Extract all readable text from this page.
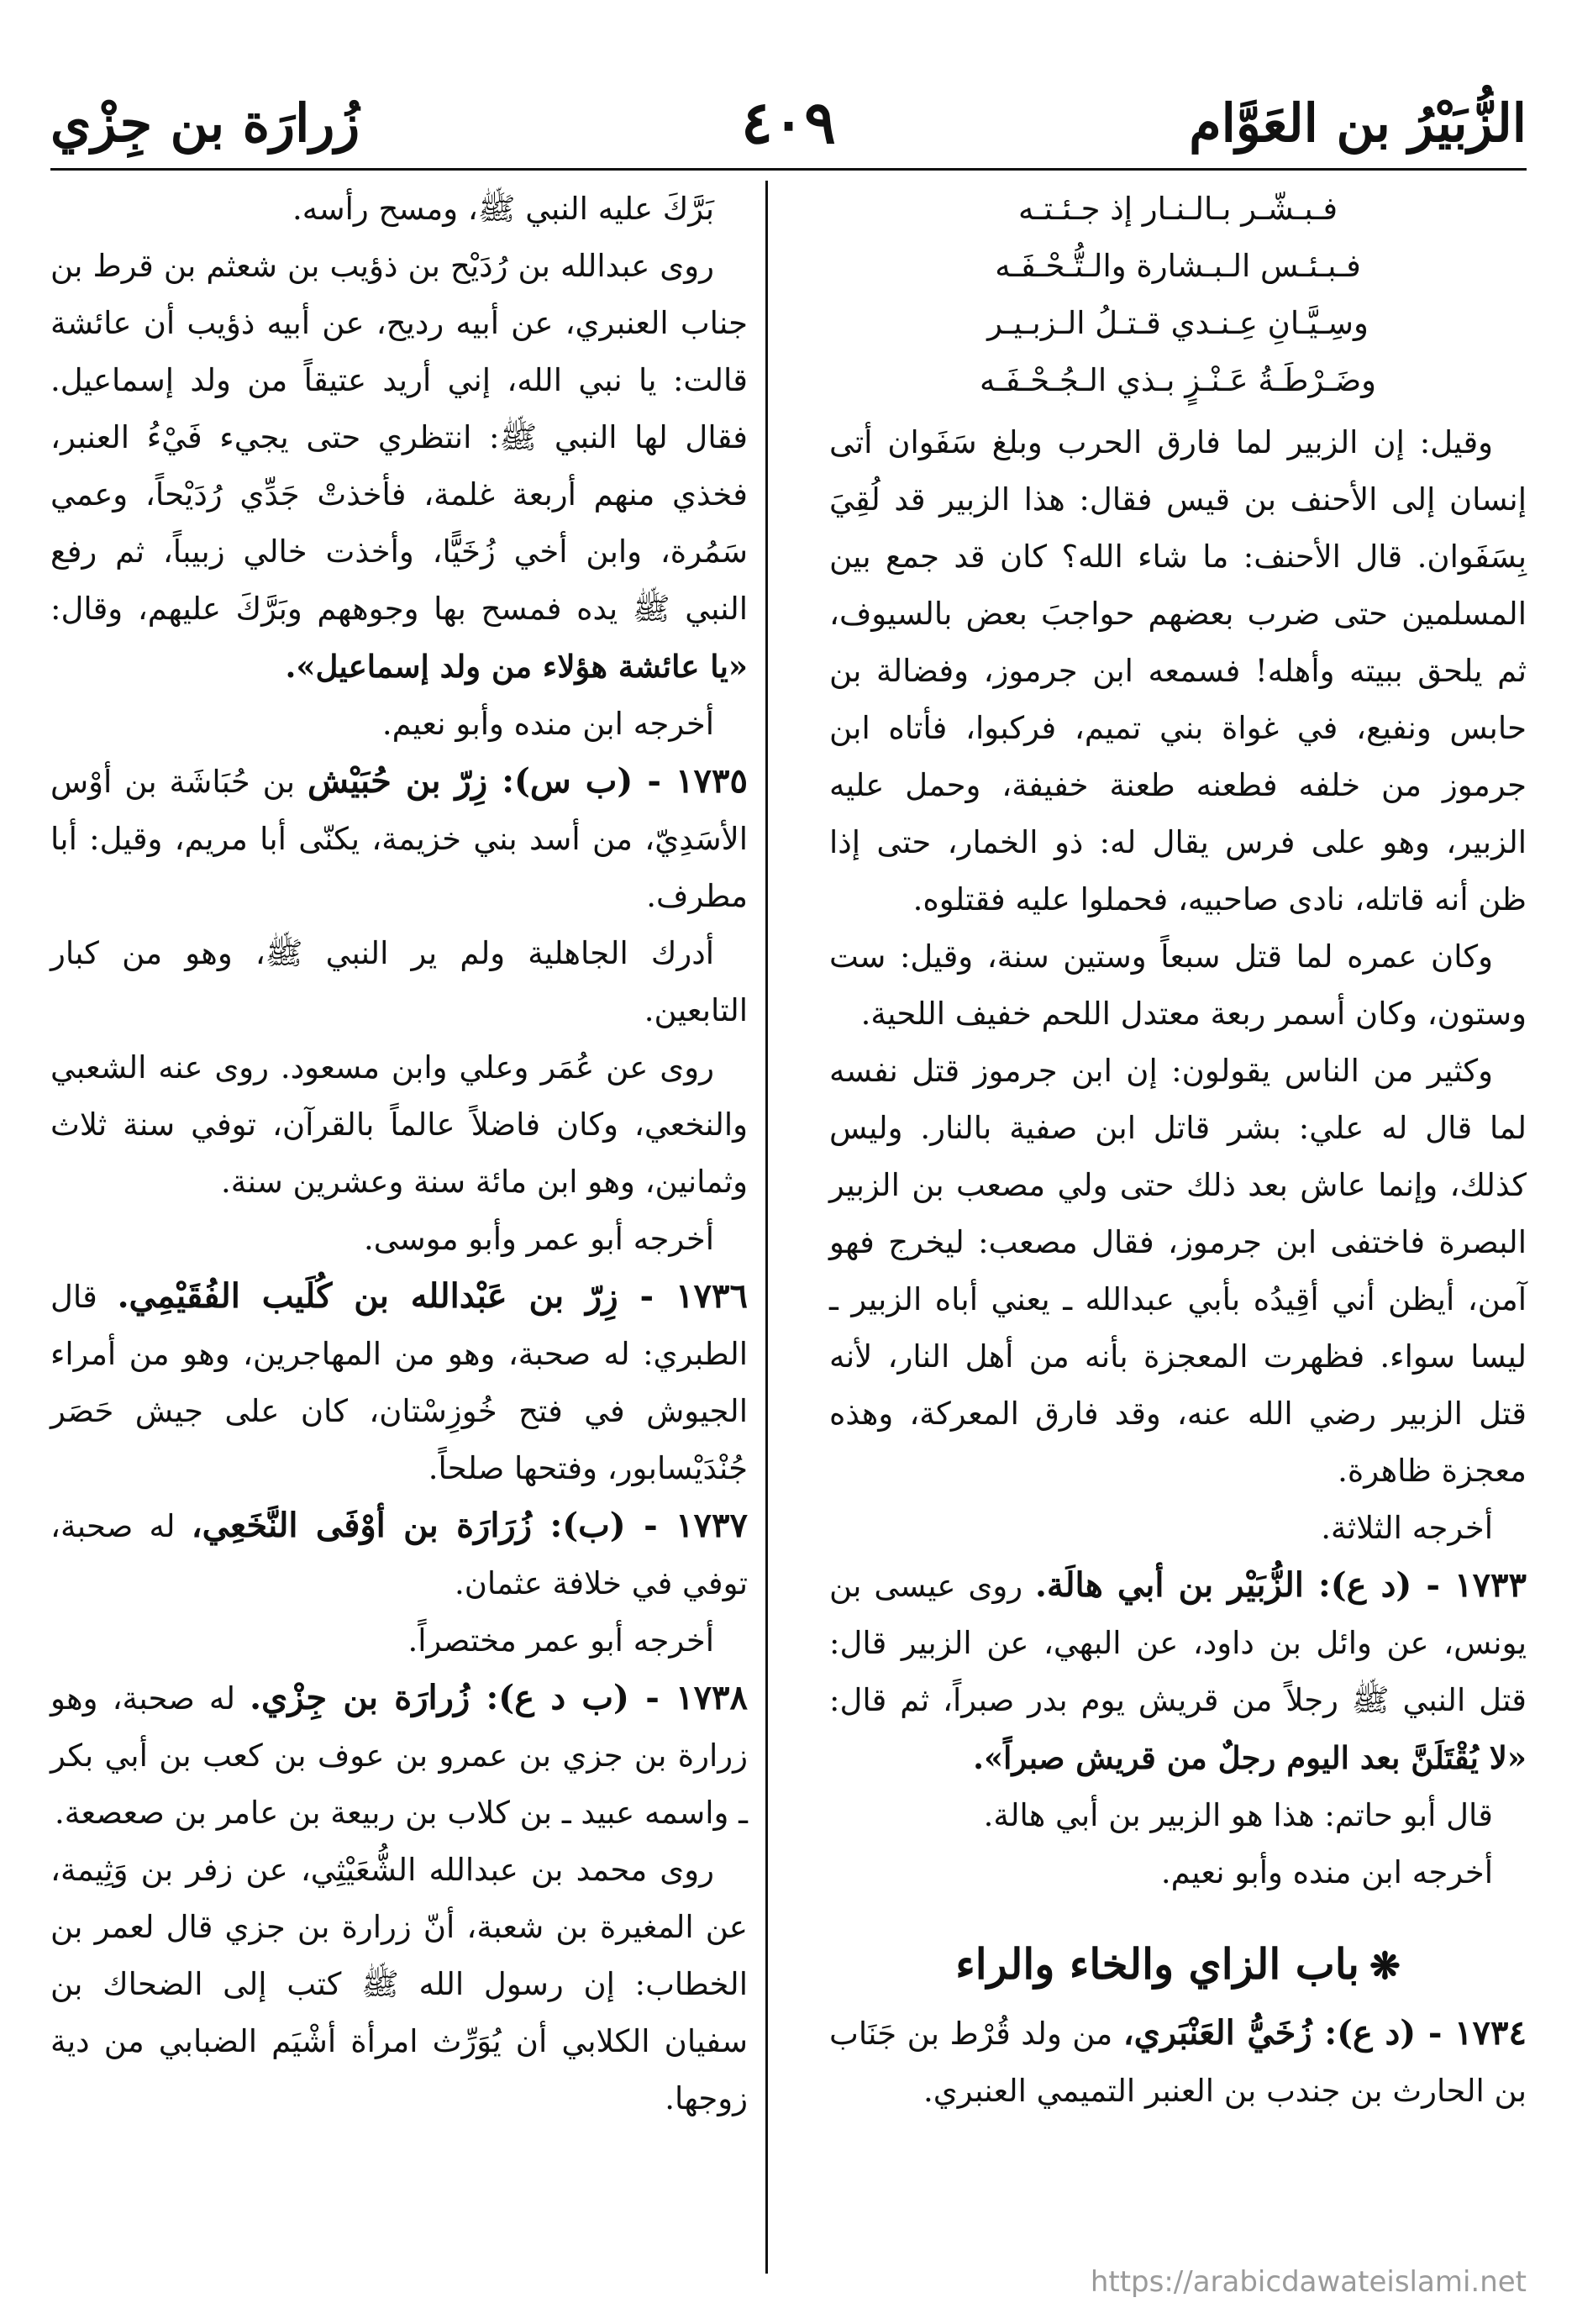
الزُّبَيْرُ بن العَوَّام
٤٠٩
زُرارَة بن جِزْي
فـبـشّـر بـالـنـار إذ جـئـتـه
فـبـئـس الـبـشارة والـتُّـحْـفَـه
وسِـيَّـانِ عِـنـدي قـتـلُ الـزبـيـر
وضَـرْطَـةُ عَـنْـزٍ بـذي الـجُـحْـفَـه

وقيل: إن الزبير لما فارق الحرب وبلغ سَفَوان أتى إنسان إلى الأحنف بن قيس فقال: هذا الزبير قد لُقِيَ بِسَفَوان. قال الأحنف: ما شاء الله؟ كان قد جمع بين المسلمين حتى ضرب بعضهم حواجبَ بعض بالسيوف، ثم يلحق ببيته وأهله! فسمعه ابن جرموز، وفضالة بن حابس ونفيع، في غواة بني تميم، فركبوا، فأتاه ابن جرموز من خلفه فطعنه طعنة خفيفة، وحمل عليه الزبير، وهو على فرس يقال له: ذو الخمار، حتى إذا ظن أنه قاتله، نادى صاحبيه، فحملوا عليه فقتلوه.

وكان عمره لما قتل سبعاً وستين سنة، وقيل: ست وستون، وكان أسمر ربعة معتدل اللحم خفيف اللحية.

وكثير من الناس يقولون: إن ابن جرموز قتل نفسه لما قال له علي: بشر قاتل ابن صفية بالنار. وليس كذلك، وإنما عاش بعد ذلك حتى ولي مصعب بن الزبير البصرة فاختفى ابن جرموز، فقال مصعب: ليخرج فهو آمن، أيظن أني أقِيدُه بأبي عبدالله ـ يعني أباه الزبير ـ ليسا سواء. فظهرت المعجزة بأنه من أهل النار، لأنه قتل الزبير رضي الله عنه، وقد فارق المعركة، وهذه معجزة ظاهرة.

أخرجه الثلاثة.

١٧٣٣ - (د ع): الزُّبَيْر بن أبي هالَة. روى عيسى بن يونس، عن وائل بن داود، عن البهي، عن الزبير قال: قتل النبي ﷺ رجلاً من قريش يوم بدر صبراً، ثم قال: «لا يُقْتَلَنَّ بعد اليوم رجلٌ من قريش صبراً».

قال أبو حاتم: هذا هو الزبير بن أبي هالة.

أخرجه ابن منده وأبو نعيم.

❋باب الزاي والخاء والراء

١٧٣٤ - (د ع): زُخَيُّ العَنْبَري، من ولد قُرْط بن جَنَاب بن الحارث بن جندب بن العنبر التميمي العنبري.

بَرَّكَ عليه النبي ﷺ، ومسح رأسه.

روى عبدالله بن رُدَيْح بن ذؤيب بن شعثم بن قرط بن جناب العنبري، عن أبيه رديح، عن أبيه ذؤيب أن عائشة قالت: يا نبي الله، إني أريد عتيقاً من ولد إسماعيل. فقال لها النبي ﷺ: انتظري حتى يجيء فَيْءُ العنبر، فخذي منهم أربعة غلمة، فأخذتْ جَدِّي رُدَيْحاً، وعمي سَمُرة، وابن أخي زُخَيًّا، وأخذت خالي زبيباً، ثم رفع النبي ﷺ يده فمسح بها وجوههم وبَرَّكَ عليهم، وقال: «يا عائشة هؤلاء من ولد إسماعيل».

أخرجه ابن منده وأبو نعيم.

١٧٣٥ - (ب س): زِرّ بن حُبَيْش بن حُبَاشَة بن أوْس الأسَدِيّ، من أسد بني خزيمة، يكنّى أبا مريم، وقيل: أبا مطرف.

أدرك الجاهلية ولم ير النبي ﷺ، وهو من كبار التابعين.

روى عن عُمَر وعلي وابن مسعود. روى عنه الشعبي والنخعي، وكان فاضلاً عالماً بالقرآن، توفي سنة ثلاث وثمانين، وهو ابن مائة سنة وعشرين سنة.

أخرجه أبو عمر وأبو موسى.

١٧٣٦ - زِرّ بن عَبْدالله بن كُلَيب الفُقَيْمِي. قال الطبري: له صحبة، وهو من المهاجرين، وهو من أمراء الجيوش في فتح خُوزِسْتان، كان على جيش حَصَر جُنْدَيْسابور، وفتحها صلحاً.

١٧٣٧ - (ب): زُرَارَة بن أوْفَى النَّخَعِي، له صحبة، توفي في خلافة عثمان.

أخرجه أبو عمر مختصراً.

١٧٣٨ - (ب د ع): زُرارَة بن جِزْي. له صحبة، وهو زرارة بن جزي بن عمرو بن عوف بن كعب بن أبي بكر ـ واسمه عبيد ـ بن كلاب بن ربيعة بن عامر بن صعصعة.

روى محمد بن عبدالله الشُّعَيْثِي، عن زفر بن وَثِيمة، عن المغيرة بن شعبة، أنّ زرارة بن جزي قال لعمر بن الخطاب: إن رسول الله ﷺ كتب إلى الضحاك بن سفيان الكلابي أن يُوَرِّث امرأة أشْيَم الضبابي من دية زوجها.

https://arabicdawateislami.net
